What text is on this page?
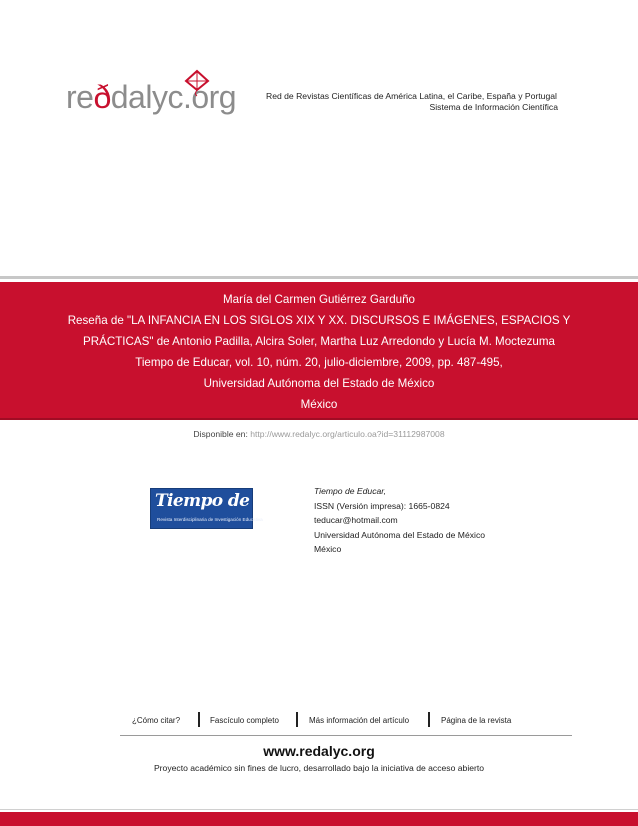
re ð dalyc. org	Red de Revistas Científicas de América Latina, el Caribe, España y Portugal
Sistema de Información Científica
María del Carmen Gutiérrez Garduño
Reseña de "LA INFANCIA EN LOS SIGLOS XIX Y XX. DISCURSOS E IMÁGENES, ESPACIOS Y
PRÁCTICAS" de Antonio Padilla, Alcira Soler, Martha Luz Arredondo y Lucía M. Moctezuma
Tiempo de Educar, vol. 10, núm. 20, julio-diciembre, 2009, pp. 487-495,
Universidad Autónoma del Estado de México
México
Disponible en: http://www.redalyc.org/articulo.oa?id=31112987008
Tiempo de educar
Revista Interdisciplinaria de Investigación Educativa
Tiempo de Educar,
ISSN (Versión impresa): 1665-0824
teducar@hotmail.com
Universidad Autónoma del Estado de México
México
¿Cómo citar?	Fascículo completo	Más información del artículo	Página de la revista
www.redalyc.org
Proyecto académico sin fines de lucro, desarrollado bajo la iniciativa de acceso abierto
